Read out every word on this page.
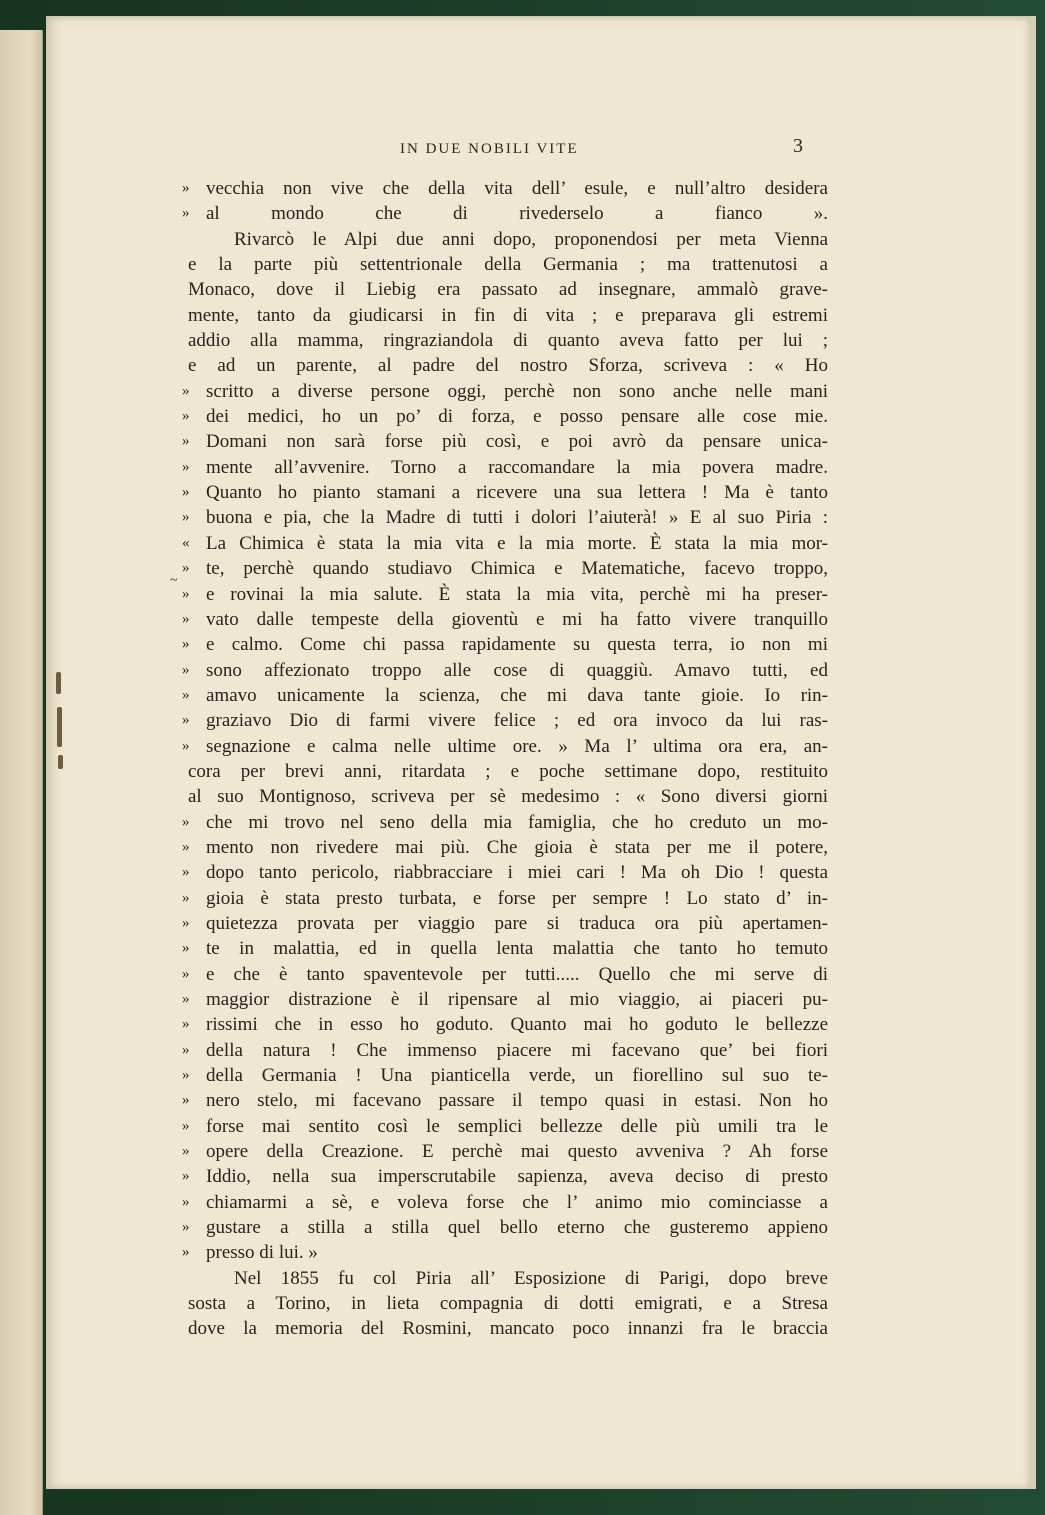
IN DUE NOBILI VITE	3
~
» vecchia non vive che della vita dell’ esule, e null’altro desidera
» al mondo che di rivederselo a fianco ».
Rivarcò le Alpi due anni dopo, proponendosi per meta Vienna
e la parte più settentrionale della Germania ; ma trattenutosi a
Monaco, dove il Liebig era passato ad insegnare, ammalò grave-
mente, tanto da giudicarsi in fin di vita ; e preparava gli estremi
addio alla mamma, ringraziandola di quanto aveva fatto per lui ;
e ad un parente, al padre del nostro Sforza, scriveva : « Ho
» scritto a diverse persone oggi, perchè non sono anche nelle mani
» dei medici, ho un po’ di forza, e posso pensare alle cose mie.
» Domani non sarà forse più così, e poi avrò da pensare unica-
» mente all’avvenire. Torno a raccomandare la mia povera madre.
» Quanto ho pianto stamani a ricevere una sua lettera ! Ma è tanto
» buona e pia, che la Madre di tutti i dolori l’aiuterà! » E al suo Piria :
« La Chimica è stata la mia vita e la mia morte. È stata la mia mor-
» te, perchè quando studiavo Chimica e Matematiche, facevo troppo,
» e rovinai la mia salute. È stata la mia vita, perchè mi ha preser-
» vato dalle tempeste della gioventù e mi ha fatto vivere tranquillo
» e calmo. Come chi passa rapidamente su questa terra, io non mi
» sono affezionato troppo alle cose di quaggiù. Amavo tutti, ed
» amavo unicamente la scienza, che mi dava tante gioie. Io rin-
» graziavo Dio di farmi vivere felice ; ed ora invoco da lui ras-
» segnazione e calma nelle ultime ore. » Ma l’ ultima ora era, an-
cora per brevi anni, ritardata ; e poche settimane dopo, restituito
al suo Montignoso, scriveva per sè medesimo : « Sono diversi giorni
» che mi trovo nel seno della mia famiglia, che ho creduto un mo-
» mento non rivedere mai più. Che gioia è stata per me il potere,
» dopo tanto pericolo, riabbracciare i miei cari ! Ma oh Dio ! questa
» gioia è stata presto turbata, e forse per sempre ! Lo stato d’ in-
» quietezza provata per viaggio pare si traduca ora più apertamen-
» te in malattia, ed in quella lenta malattia che tanto ho temuto
» e che è tanto spaventevole per tutti..... Quello che mi serve di
» maggior distrazione è il ripensare al mio viaggio, ai piaceri pu-
» rissimi che in esso ho goduto. Quanto mai ho goduto le bellezze
» della natura ! Che immenso piacere mi facevano que’ bei fiori
» della Germania ! Una pianticella verde, un fiorellino sul suo te-
» nero stelo, mi facevano passare il tempo quasi in estasi. Non ho
» forse mai sentito così le semplici bellezze delle più umili tra le
» opere della Creazione. E perchè mai questo avveniva ? Ah forse
» Iddio, nella sua imperscrutabile sapienza, aveva deciso di presto
» chiamarmi a sè, e voleva forse che l’ animo mio cominciasse a
» gustare a stilla a stilla quel bello eterno che gusteremo appieno
» presso di lui. »
Nel 1855 fu col Piria all’ Esposizione di Parigi, dopo breve
sosta a Torino, in lieta compagnia di dotti emigrati, e a Stresa
dove la memoria del Rosmini, mancato poco innanzi fra le braccia
